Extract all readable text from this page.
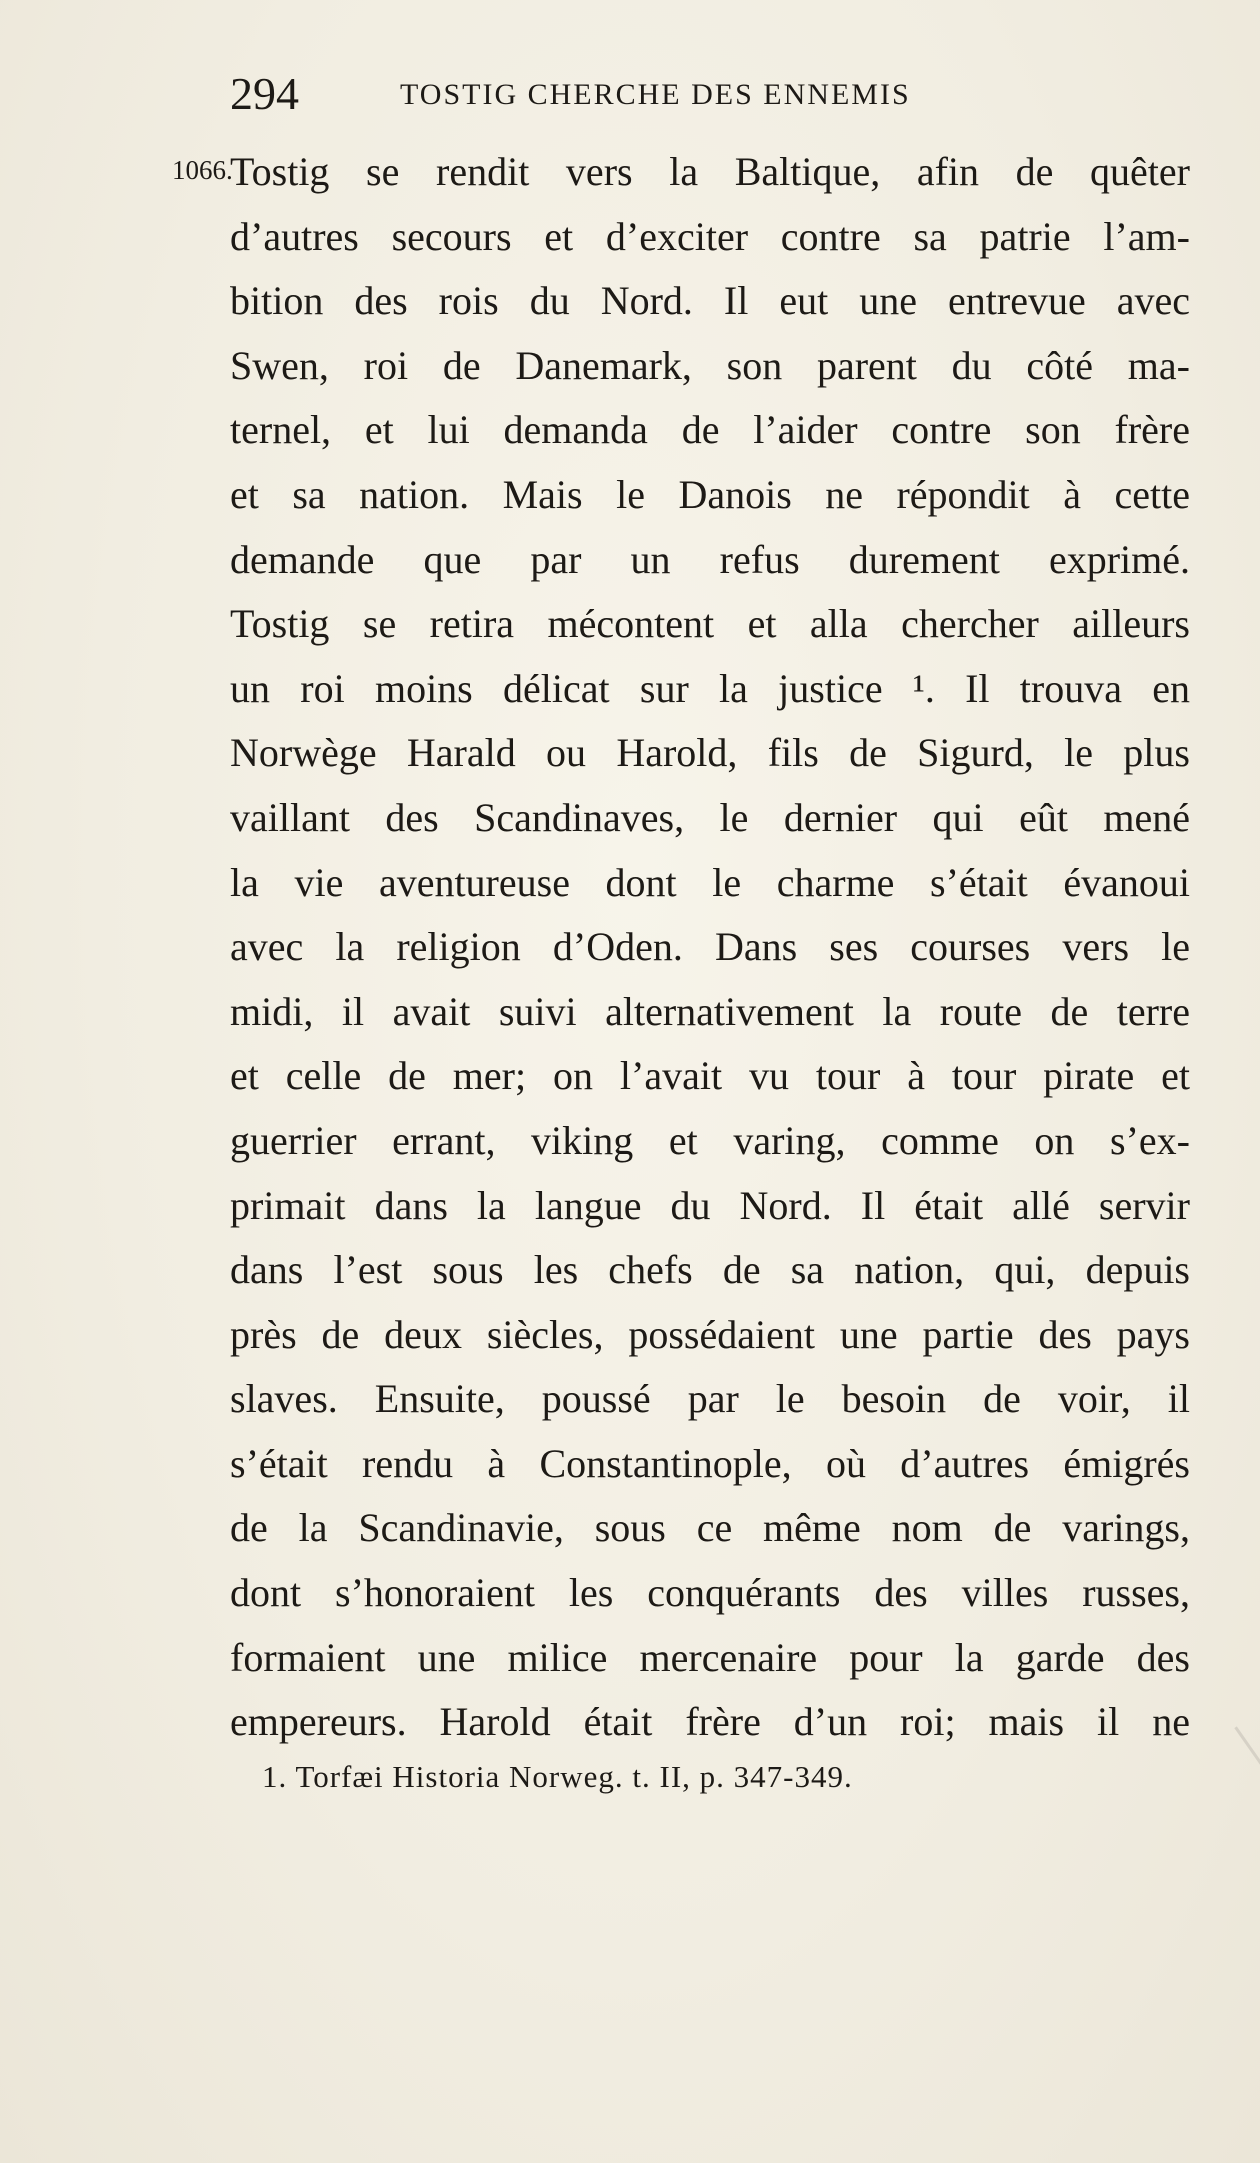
294	TOSTIG CHERCHE DES ENNEMIS
1066.
Tostig se rendit vers la Baltique, afin de quêter
d’autres secours et d’exciter contre sa patrie l’am-
bition des rois du Nord. Il eut une entrevue avec
Swen, roi de Danemark, son parent du côté ma-
ternel, et lui demanda de l’aider contre son frère
et sa nation. Mais le Danois ne répondit à cette
demande que par un refus durement exprimé.
Tostig se retira mécontent et alla chercher ailleurs
un roi moins délicat sur la justice ¹. Il trouva en
Norwège Harald ou Harold, fils de Sigurd, le plus
vaillant des Scandinaves, le dernier qui eût mené
la vie aventureuse dont le charme s’était évanoui
avec la religion d’Oden. Dans ses courses vers le
midi, il avait suivi alternativement la route de terre
et celle de mer; on l’avait vu tour à tour pirate et
guerrier errant, viking et varing, comme on s’ex-
primait dans la langue du Nord. Il était allé servir
dans l’est sous les chefs de sa nation, qui, depuis
près de deux siècles, possédaient une partie des pays
slaves. Ensuite, poussé par le besoin de voir, il
s’était rendu à Constantinople, où d’autres émigrés
de la Scandinavie, sous ce même nom de varings,
dont s’honoraient les conquérants des villes russes,
formaient une milice mercenaire pour la garde des
empereurs. Harold était frère d’un roi; mais il ne
1. Torfæi Historia Norweg. t. II, p. 347-349.
